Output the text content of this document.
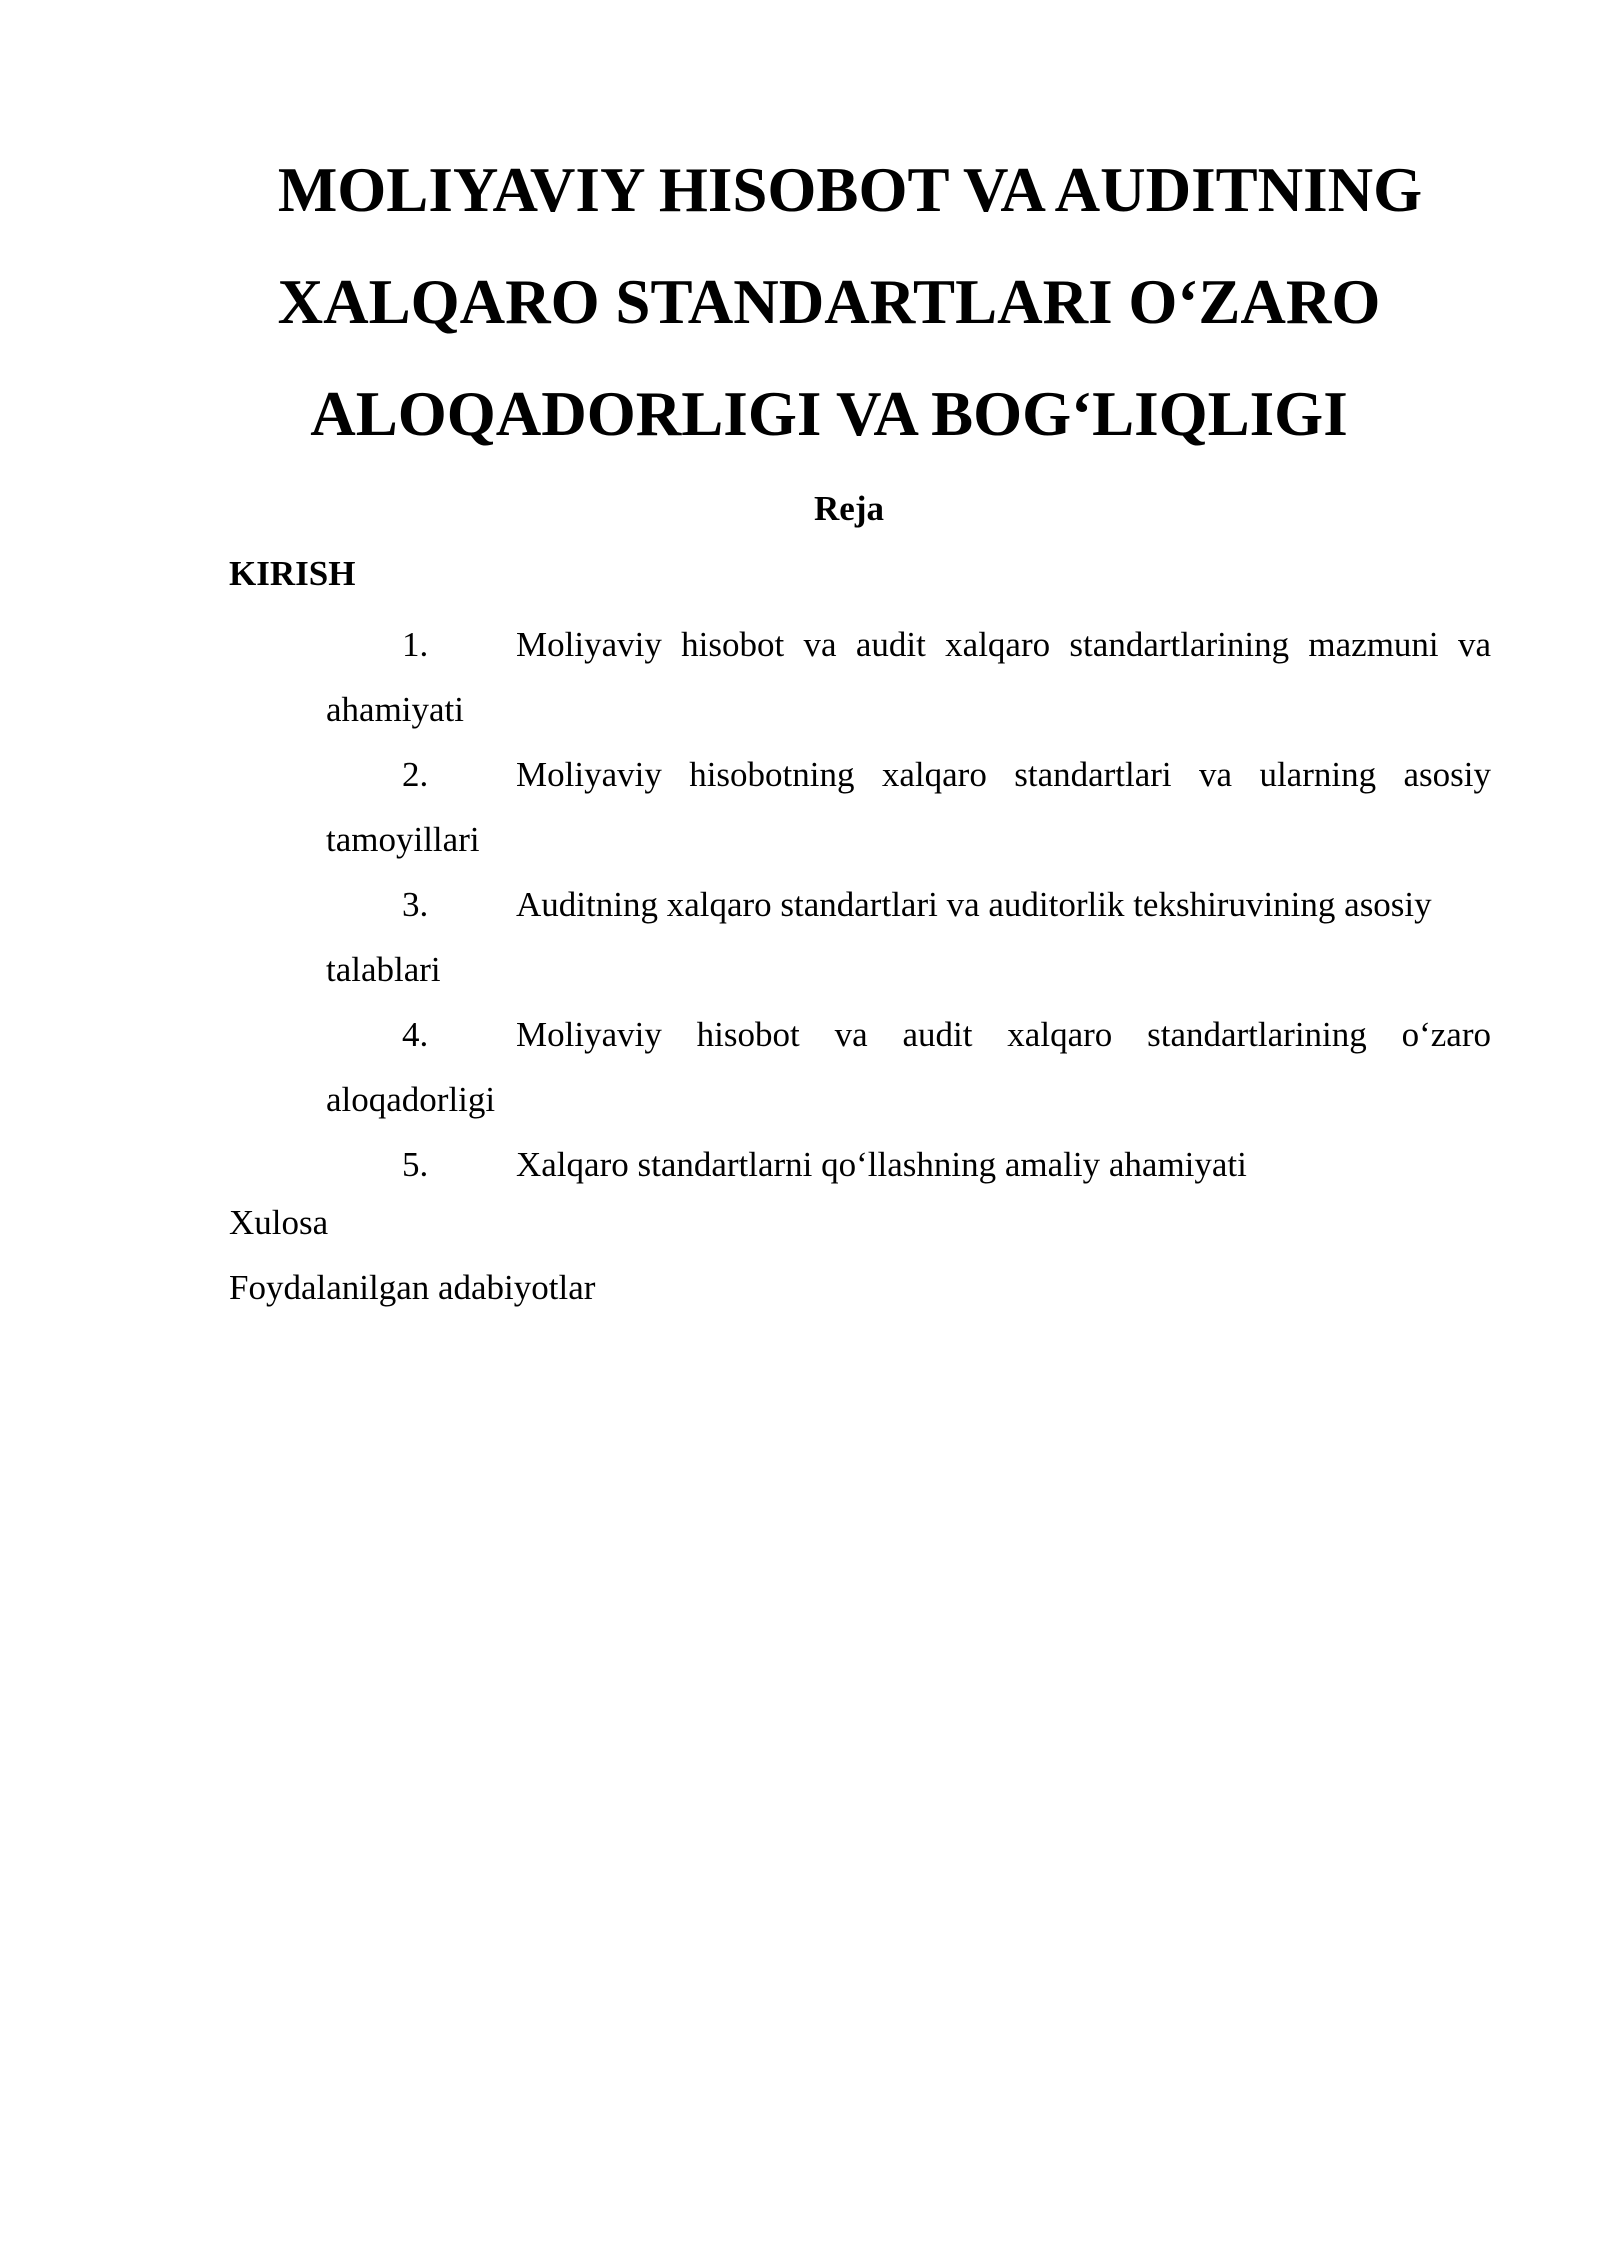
MOLIYAVIY HISOBOT VA AUDITNING
XALQARO STANDARTLARI O‘ZARO
ALOQADORLIGI VA BOG‘LIQLIGI
Reja
KIRISH
1.	Moliyaviy hisobot va audit xalqaro standartlarining mazmuni va
ahamiyati
2.	Moliyaviy hisobotning xalqaro standartlari va ularning asosiy
tamoyillari
3.	Auditning xalqaro standartlari va auditorlik tekshiruvining asosiy
talablari
4.	Moliyaviy hisobot va audit xalqaro standartlarining o‘zaro
aloqadorligi
5.	Xalqaro standartlarni qo‘llashning amaliy ahamiyati
Xulosa
Foydalanilgan adabiyotlar
